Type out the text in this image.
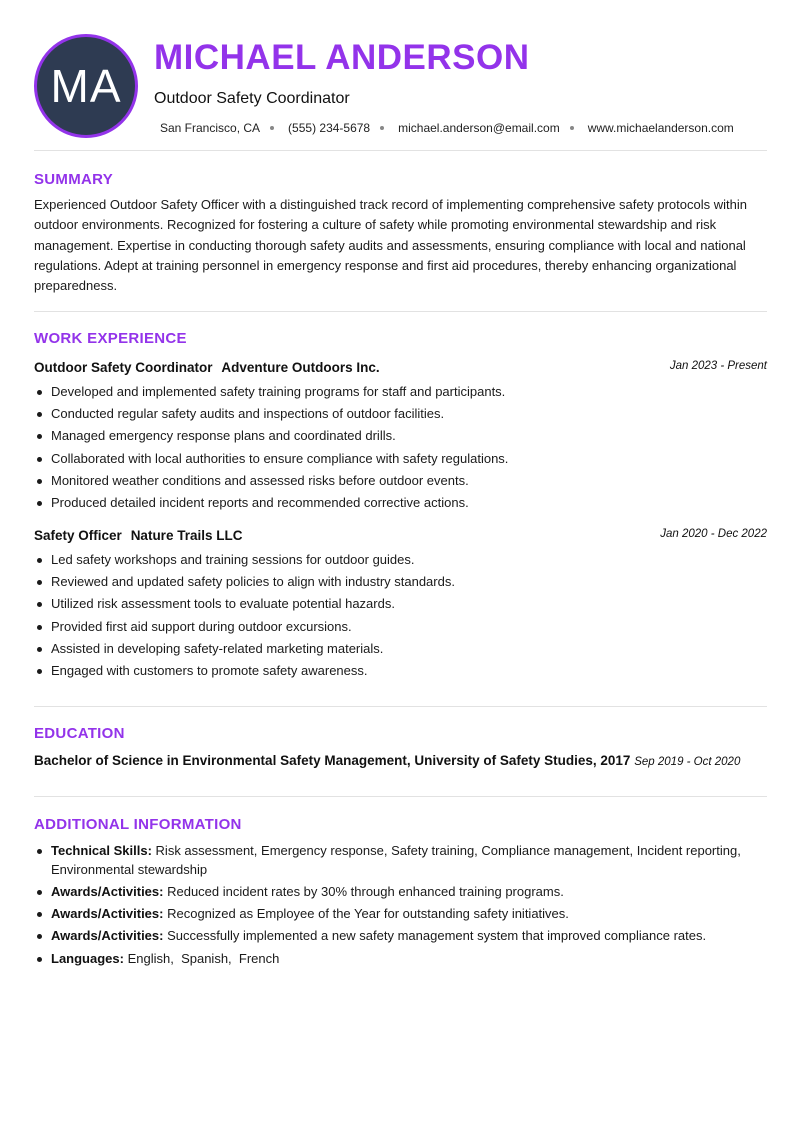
MA
MICHAEL ANDERSON
Outdoor Safety Coordinator
San Francisco, CA (555) 234-5678 michael.anderson@email.com www.michaelanderson.com
SUMMARY
Experienced Outdoor Safety Officer with a distinguished track record of implementing comprehensive safety protocols within outdoor environments. Recognized for fostering a culture of safety while promoting environmental stewardship and risk management. Expertise in conducting thorough safety audits and assessments, ensuring compliance with local and national regulations. Adept at training personnel in emergency response and first aid procedures, thereby enhancing organizational preparedness.
WORK EXPERIENCE
Outdoor Safety Coordinator Adventure Outdoors Inc.	Jan 2023 - Present
Developed and implemented safety training programs for staff and participants.
Conducted regular safety audits and inspections of outdoor facilities.
Managed emergency response plans and coordinated drills.
Collaborated with local authorities to ensure compliance with safety regulations.
Monitored weather conditions and assessed risks before outdoor events.
Produced detailed incident reports and recommended corrective actions.
Safety Officer Nature Trails LLC	Jan 2020 - Dec 2022
Led safety workshops and training sessions for outdoor guides.
Reviewed and updated safety policies to align with industry standards.
Utilized risk assessment tools to evaluate potential hazards.
Provided first aid support during outdoor excursions.
Assisted in developing safety-related marketing materials.
Engaged with customers to promote safety awareness.
EDUCATION
Bachelor of Science in Environmental Safety Management, University of Safety Studies, 2017 Sep 2019 - Oct 2020
ADDITIONAL INFORMATION
Technical Skills: Risk assessment, Emergency response, Safety training, Compliance management, Incident reporting, Environmental stewardship
Awards/Activities: Reduced incident rates by 30% through enhanced training programs.
Awards/Activities: Recognized as Employee of the Year for outstanding safety initiatives.
Awards/Activities: Successfully implemented a new safety management system that improved compliance rates.
Languages: English,  Spanish,  French
